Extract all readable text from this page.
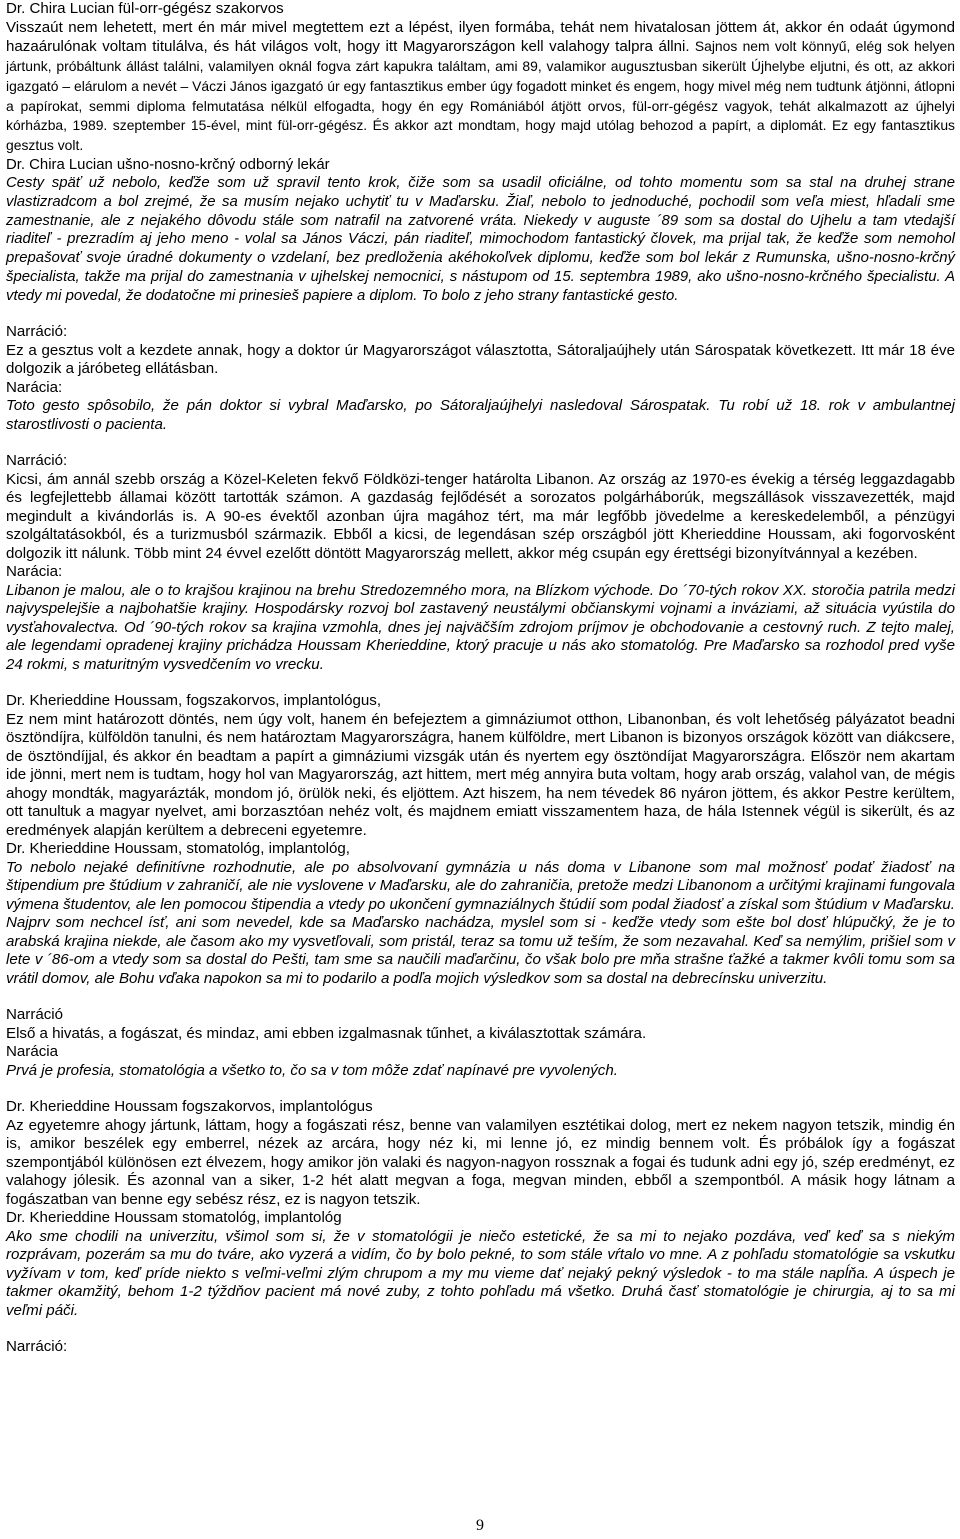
Dr. Chira Lucian fül-orr-gégész szakorvos
Visszaút nem lehetett, mert én már mivel megtettem ezt a lépést, ilyen formába, tehát nem hivatalosan jöttem át, akkor én odaát úgymond hazaárulónak voltam titulálva, és hát világos volt, hogy itt Magyarországon kell valahogy talpra állni. Sajnos nem volt könnyű, elég sok helyen jártunk, próbáltunk állást találni, valamilyen oknál fogva zárt kapukra találtam, ami 89, valamikor augusztusban sikerült Újhelybe eljutni, és ott, az akkori igazgató – elárulom a nevét – Váczi János igazgató úr egy fantasztikus ember úgy fogadott minket és engem, hogy mivel még nem tudtunk átjönni, átlopni a papírokat, semmi diploma felmutatása nélkül elfogadta, hogy én egy Romániából átjött orvos, fül-orr-gégész vagyok, tehát alkalmazott az újhelyi kórházba, 1989. szeptember 15-ével, mint fül-orr-gégész. És akkor azt mondtam, hogy majd utólag behozod a papírt, a diplomát. Ez egy fantasztikus gesztus volt.
Dr. Chira Lucian ušno-nosno-krčný odborný lekár
Cesty späť už nebolo, keďže som už spravil tento krok, čiže som sa usadil oficiálne, od tohto momentu som sa stal na druhej strane vlastizradcom a bol zrejmé, že sa musím nejako uchytiť tu v Maďarsku. Žiaľ, nebolo to jednoduché, pochodil som veľa miest, hľadali sme zamestnanie, ale z nejakého dôvodu stále som natrafil na zatvorené vráta. Niekedy v auguste ´89 som sa dostal do Ujhelu a tam vtedajší riaditeľ - prezradím aj jeho meno - volal sa János Váczi, pán riaditeľ, mimochodom fantastický človek, ma prijal tak, že keďže som nemohol prepašovať svoje úradné dokumenty o vzdelaní, bez predloženia akéhokoľvek diplomu, keďže som bol lekár z Rumunska, ušno-nosno-krčný špecialista, takže ma prijal do zamestnania v ujhelskej nemocnici, s nástupom od 15. septembra 1989, ako ušno-nosno-krčného špecialistu. A vtedy mi povedal, že dodatočne mi prinesieš papiere a diplom. To bolo z jeho strany fantastické gesto.
Narráció:
Ez a gesztus volt a kezdete annak, hogy a doktor úr Magyarországot választotta, Sátoraljaújhely után Sárospatak következett. Itt már 18 éve dolgozik a járóbeteg ellátásban.
Narácia:
Toto gesto spôsobilo, že pán doktor si vybral Maďarsko, po Sátoraljaújhelyi nasledoval Sárospatak. Tu robí už 18. rok v ambulantnej starostlivosti o pacienta.
Narráció:
Kicsi, ám annál szebb ország a Közel-Keleten fekvő Földközi-tenger határolta Libanon. Az ország az 1970-es évekig a térség leggazdagabb és legfejlettebb államai között tartották számon. A gazdaság fejlődését a sorozatos polgárháborúk, megszállások visszavezették, majd megindult a kivándorlás is. A 90-es évektől azonban újra magához tért, ma már legfőbb jövedelme a kereskedelemből, a pénzügyi szolgáltatásokból, és a turizmusból származik. Ebből a kicsi, de legendásan szép országból jött Kherieddine Houssam, aki fogorvosként dolgozik itt nálunk. Több mint 24 évvel ezelőtt döntött Magyarország mellett, akkor még csupán egy érettségi bizonyítvánnyal a kezében.
Narácia:
Libanon je malou, ale o to krajšou krajinou na brehu Stredozemného mora, na Blízkom východe. Do ´70-tých rokov XX. storočia patrila medzi najvyspelejšie a najbohatšie krajiny. Hospodársky rozvoj bol zastavený neustálymi občianskymi vojnami a inváziami, až situácia vyústila do vysťahovalectva. Od ´90-tých rokov sa krajina vzmohla, dnes jej najväčším zdrojom príjmov je obchodovanie a cestovný ruch. Z tejto malej, ale legendami opradenej krajiny prichádza Houssam Kherieddine, ktorý pracuje u nás ako stomatológ. Pre Maďarsko sa rozhodol pred vyše 24 rokmi, s maturitným vysvedčením vo vrecku.
Dr. Kherieddine Houssam, fogszakorvos, implantológus,
Ez nem mint határozott döntés, nem úgy volt, hanem én befejeztem a gimnáziumot otthon, Libanonban, és volt lehetőség pályázatot beadni ösztöndíjra, külföldön tanulni, és nem határoztam Magyarországra, hanem külföldre, mert Libanon is bizonyos országok között van diákcsere, de ösztöndíjjal, és akkor én beadtam a papírt a gimnáziumi vizsgák után és nyertem egy ösztöndíjat Magyarországra. Először nem akartam ide jönni, mert nem is tudtam, hogy hol van Magyarország, azt hittem, mert még annyira buta voltam, hogy arab ország, valahol van, de mégis ahogy mondták, magyarázták, mondom jó, örülök neki, és eljöttem. Azt hiszem, ha nem tévedek 86 nyáron jöttem, és akkor Pestre kerültem, ott tanultuk a magyar nyelvet, ami borzasztóan nehéz volt, és majdnem emiatt visszamentem haza, de hála Istennek végül is sikerült, és az eredmények alapján kerültem a debreceni egyetemre.
Dr. Kherieddine Houssam, stomatológ, implantológ,
To nebolo nejaké definitívne rozhodnutie, ale po absolvovaní gymnázia u nás doma v Libanone som mal možnosť podať žiadosť na štipendium pre štúdium v zahraničí, ale nie vyslovene v Maďarsku, ale do zahraničia, pretože medzi Libanonom a určitými krajinami fungovala výmena študentov, ale len pomocou štipendia a vtedy po ukončení gymnaziálnych štúdií som podal žiadosť a získal som štúdium v Maďarsku. Najprv som nechcel ísť, ani som nevedel, kde sa Maďarsko nachádza, myslel som si - keďže vtedy som ešte bol dosť hlúpučký, že je to arabská krajina niekde, ale časom ako my vysvetľovali, som pristál, teraz sa tomu už teším, že som nezavahal. Keď sa nemýlim, prišiel som v lete v ´86-om a vtedy som sa dostal do Pešti, tam sme sa naučili maďarčinu, čo však bolo pre mňa strašne ťažké a takmer kvôli tomu som sa vrátil domov, ale Bohu vďaka napokon sa mi to podarilo a podľa mojich výsledkov som sa dostal na debrecínsku univerzitu.
Narráció
Első a hivatás, a fogászat, és mindaz, ami ebben izgalmasnak tűnhet, a kiválasztottak számára.
Narácia
Prvá je profesia, stomatológia a všetko to, čo sa v tom môže zdať napínavé pre vyvolených.
Dr. Kherieddine Houssam fogszakorvos, implantológus
Az egyetemre ahogy jártunk, láttam, hogy a fogászati rész, benne van valamilyen esztétikai dolog, mert ez nekem nagyon tetszik, mindig én is, amikor beszélek egy emberrel, nézek az arcára, hogy néz ki, mi lenne jó, ez mindig bennem volt. És próbálok így a fogászat szempontjából különösen ezt élvezem, hogy amikor jön valaki és nagyon-nagyon rossznak a fogai és tudunk adni egy jó, szép eredményt, ez valahogy jólesik. És azonnal van a siker, 1-2 hét alatt megvan a foga, megvan minden, ebből a szempontból. A másik hogy látnam a fogászatban van benne egy sebész rész, ez is nagyon tetszik.
Dr. Kherieddine Houssam stomatológ, implantológ
Ako sme chodili na univerzitu, všimol som si, že v stomatológii je niečo estetické, že sa mi to nejako pozdáva, veď keď sa s niekým rozprávam, pozerám sa mu do tváre, ako vyzerá a vidím, čo by bolo pekné, to som stále vŕtalo vo mne. A z pohľadu stomatológie sa vskutku vyžívam v tom, keď príde niekto s veľmi-veľmi zlým chrupom a my mu vieme dať nejaký pekný výsledok - to ma stále napĺňa. A úspech je takmer okamžitý, behom 1-2 týždňov pacient má nové zuby, z tohto pohľadu má všetko. Druhá časť stomatológie je chirurgia, aj to sa mi veľmi páči.
Narráció:
9
